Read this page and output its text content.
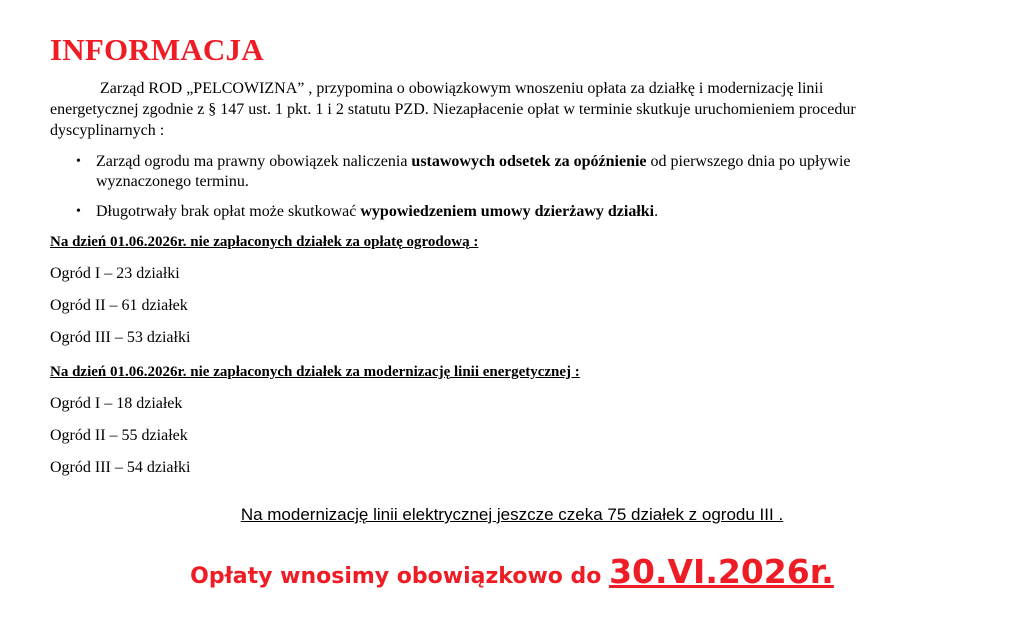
INFORMACJA

Zarząd ROD „PELCOWIZNA” , przypomina o obowiązkowym wnoszeniu opłata za działkę i modernizację linii energetycznej zgodnie z § 147 ust. 1 pkt. 1 i 2 statutu PZD. Niezapłacenie opłat w terminie skutkuje uruchomieniem procedur dyscyplinarnych :

• Zarząd ogrodu ma prawny obowiązek naliczenia ustawowych odsetek za opóźnienie od pierwszego dnia po upływie wyznaczonego terminu.
• Długotrwały brak opłat może skutkować wypowiedzeniem umowy dzierżawy działki.
Na dzień 01.06.2026r. nie zapłaconych działek za opłatę ogrodową :
Ogród I – 23 działki
Ogród II – 61 działek
Ogród III – 53 działki
Na dzień 01.06.2026r. nie zapłaconych działek za modernizację linii energetycznej :
Ogród I – 18 działek
Ogród II – 55 działek
Ogród III – 54 działki
Na modernizację linii elektrycznej jeszcze czeka 75 działek z ogrodu III .
Opłaty wnosimy obowiązkowo do 30.VI.2026r.
